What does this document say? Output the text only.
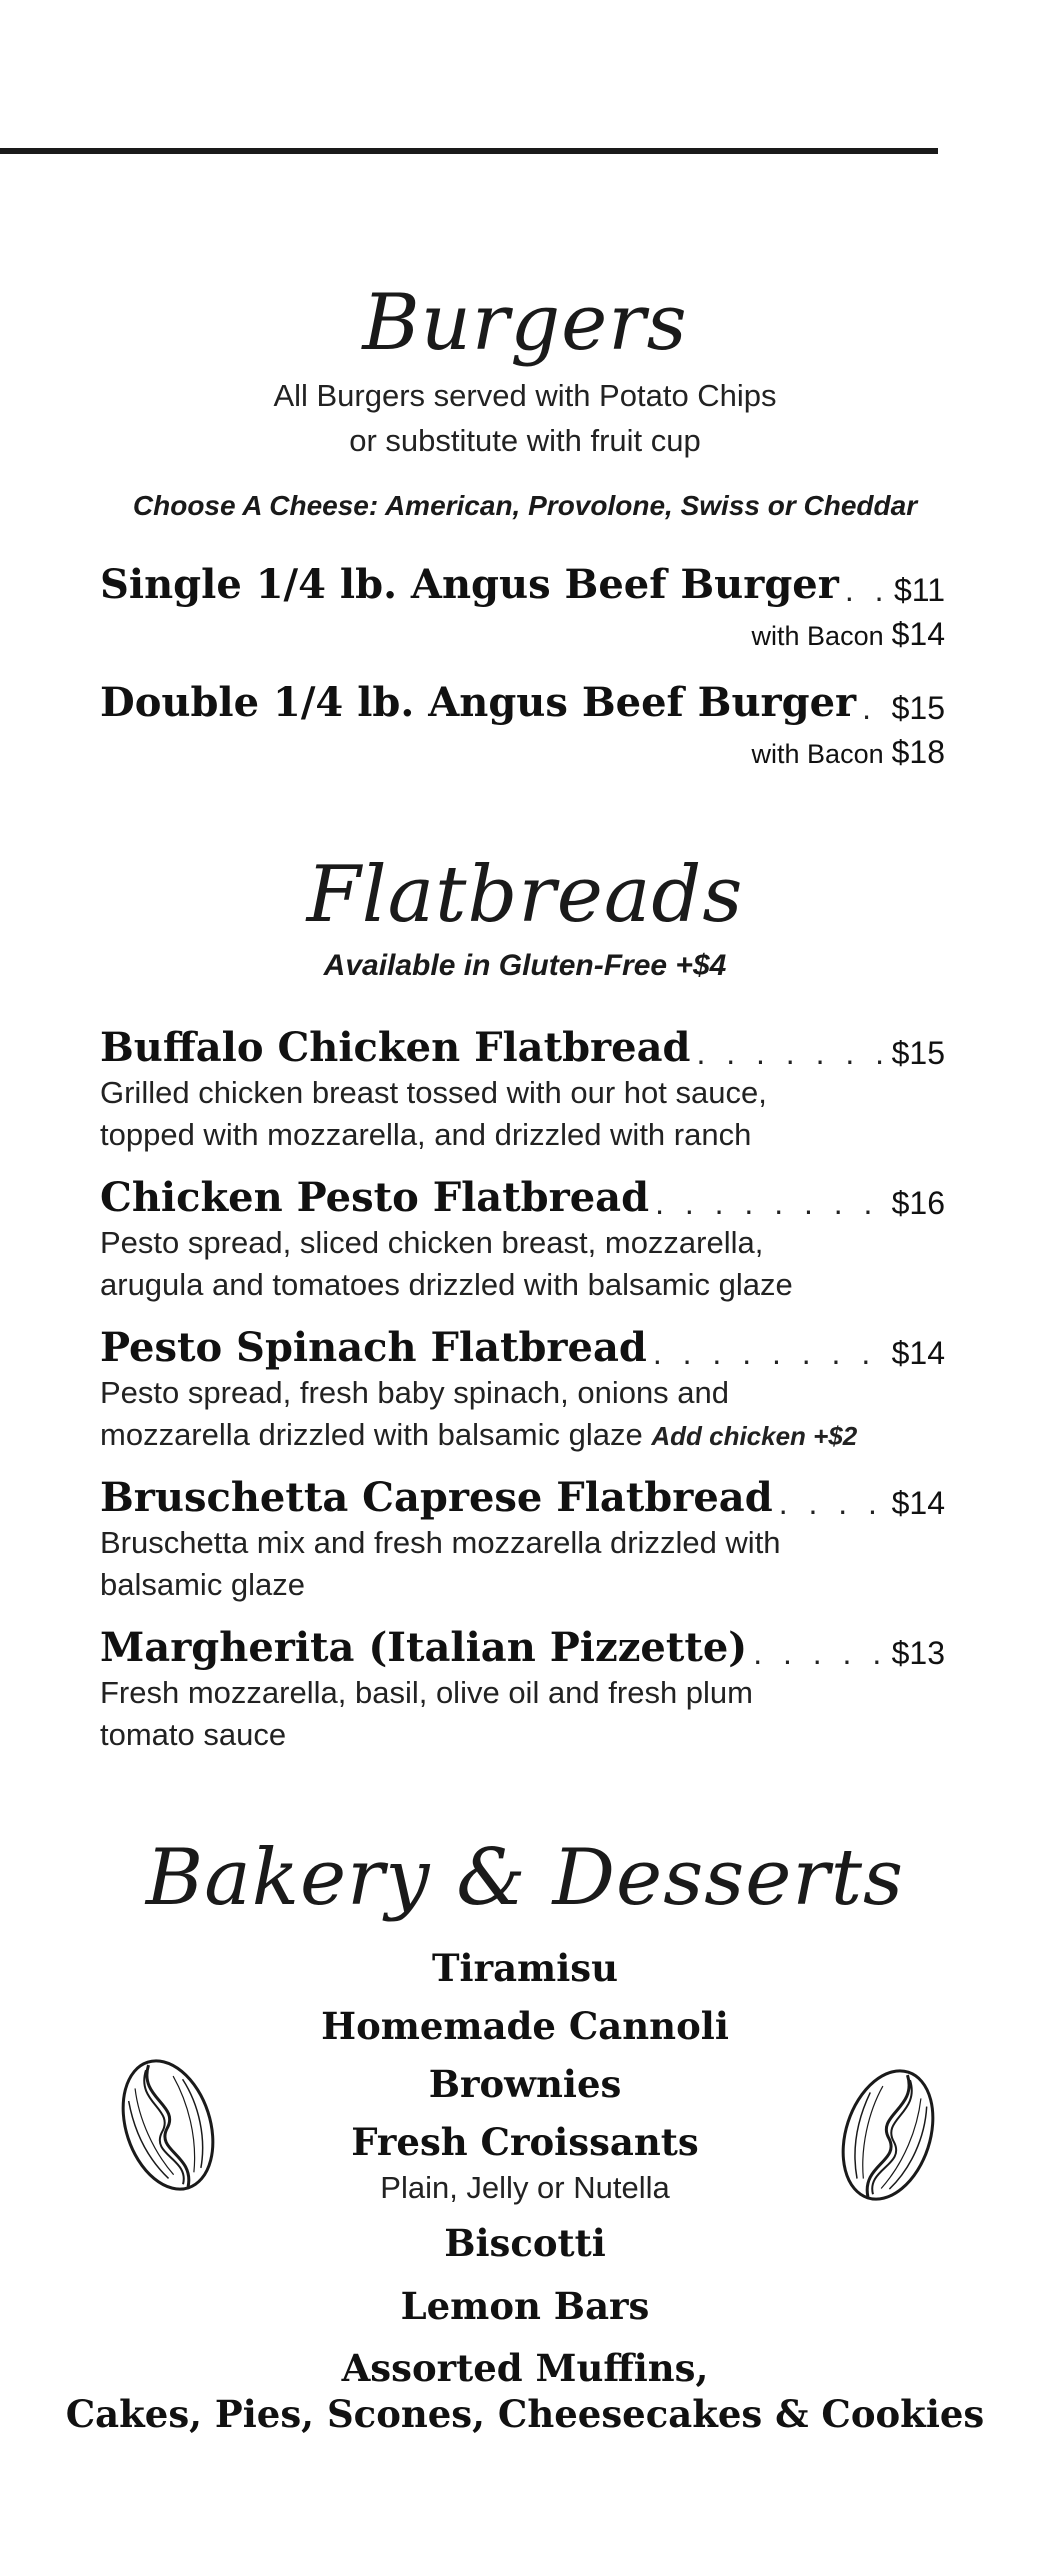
Burgers
All Burgers served with Potato Chips
or substitute with fruit cup
Choose A Cheese: American, Provolone, Swiss or Cheddar
Single 1/4 lb. Angus Beef Burger . . . $11
with Bacon $14
Double 1/4 lb. Angus Beef Burger . . . $15
with Bacon $18
Flatbreads
Available in Gluten-Free +$4
Buffalo Chicken Flatbread . . .	$15
Grilled chicken breast tossed with our hot sauce,
topped with mozzarella, and drizzled with ranch
Chicken Pesto Flatbread . . .	$16
Pesto spread, sliced chicken breast, mozzarella,
arugula and tomatoes drizzled with balsamic glaze
Pesto Spinach Flatbread . . .	$14
Pesto spread, fresh baby spinach, onions and
mozzarella drizzled with balsamic glaze Add chicken +$2
Bruschetta Caprese Flatbread . . .	$14
Bruschetta mix and fresh mozzarella drizzled with
balsamic glaze
Margherita (Italian Pizzette) . . .	$13
Fresh mozzarella, basil, olive oil and fresh plum
tomato sauce
Bakery & Desserts
Tiramisu
Homemade Cannoli
Brownies
Fresh Croissants
Plain, Jelly or Nutella
Biscotti
Lemon Bars
Assorted Muffins,
Cakes, Pies, Scones, Cheesecakes & Cookies
